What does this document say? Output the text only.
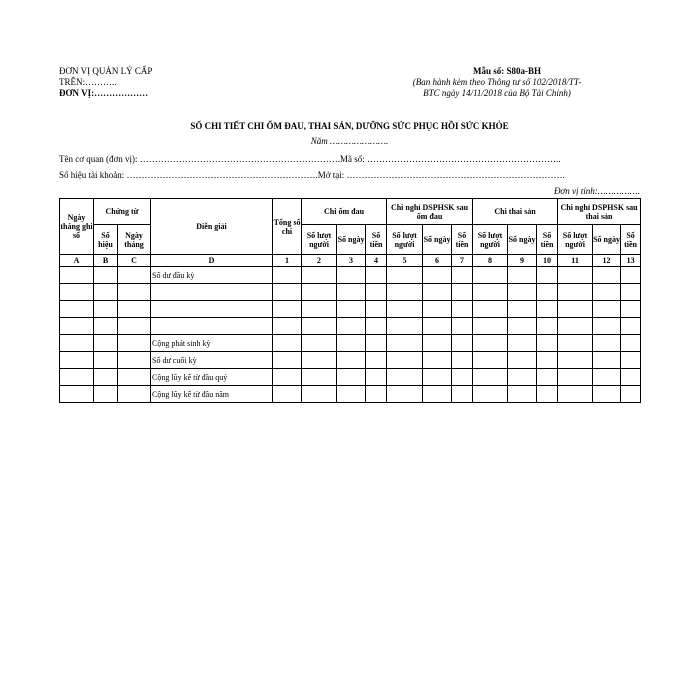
ĐƠN VỊ QUẢN LÝ CẤP
TRÊN:………..
ĐƠN VỊ:………………
Mẫu số: S80a-BH
(Ban hành kèm theo Thông tư số 102/2018/TT-
BTC ngày 14/11/2018 của Bộ Tài Chính)
SỔ CHI TIẾT CHI ỐM ĐAU, THAI SẢN, DƯỠNG SỨC PHỤC HỒI SỨC KHỎE
Năm ………………….
Tên cơ quan (đơn vị): ………………………………………………………….Mã số: ………………………………………………………..
Số hiệu tài khoản: ……………………………………………………….Mở tại: ……………………………………………………………….
Đơn vị tính:…………….
Ngày tháng ghi sổ	Chứng từ		Diễn giải	Tổng số chi	Chi ốm đau			Chi nghỉ DSPHSK sau ốm đau			Chi thai sản			Chi nghỉ DSPHSK sau thai sản		
	Số hiệu	Ngày tháng			Số lượt người	Số ngày	Số tiền	Số lượt người	Số ngày	Số tiền	Số lượt người	Số ngày	Số tiền	Số lượt người	Số ngày	Số tiền
A	B	C	D	1	2	3	4	5	6	7	8	9	10	11	12	13
			Số dư đầu kỳ													

			Cộng phát sinh kỳ													
			Số dư cuối kỳ													
			Cộng lũy kế từ đầu quý													
			Cộng lũy kế từ đầu năm													
